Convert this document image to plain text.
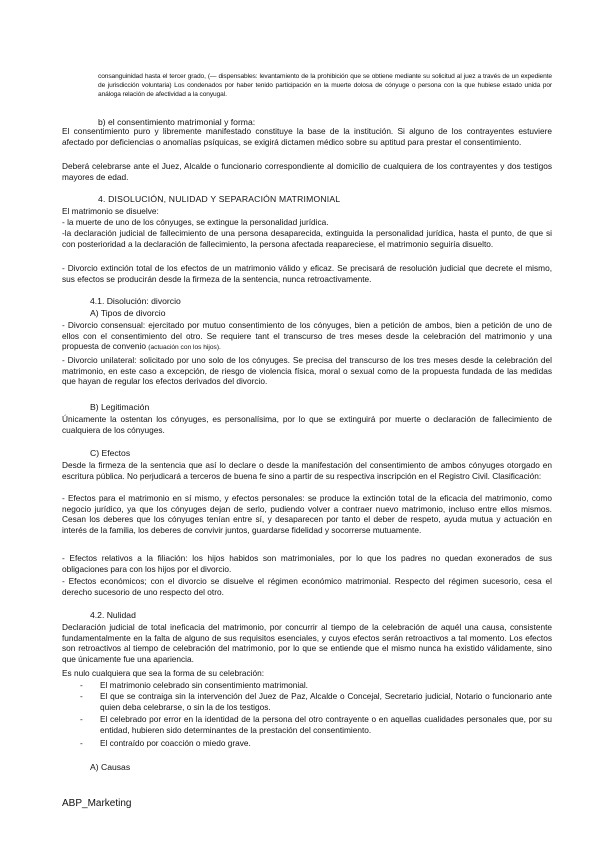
consanguinidad hasta el tercer grado, (— dispensables: levantamiento de la prohibición que se obtiene mediante su solicitud al juez a través de un expediente de jurisdicción voluntaria) Los condenados por haber tenido participación en la muerte dolosa de cónyuge o persona con la que hubiese estado unida por análoga relación de afectividad a la conyugal.

b) el consentimiento matrimonial y forma:

El consentimiento puro y libremente manifestado constituye la base de la institución. Si alguno de los contrayentes estuviere afectado por deficiencias o anomalías psíquicas, se exigirá dictamen médico sobre su aptitud para prestar el consentimiento.

Deberá celebrarse ante el Juez, Alcalde o funcionario correspondiente al domicilio de cualquiera de los contrayentes y dos testigos mayores de edad.

4. DISOLUCIÓN, NULIDAD Y SEPARACIÓN MATRIMONIAL

El matrimonio se disuelve:

- la muerte de uno de los cónyuges, se extingue la personalidad jurídica.

-la declaración judicial de fallecimiento de una persona desaparecida, extinguida la personalidad jurídica, hasta el punto, de que si con posterioridad a la declaración de fallecimiento, la persona afectada reapareciese, el matrimonio seguiría disuelto.

- Divorcio extinción total de los efectos de un matrimonio válido y eficaz. Se precisará de resolución judicial que decrete el mismo, sus efectos se producirán desde la firmeza de la sentencia, nunca retroactivamente.

4.1. Disolución: divorcio

A) Tipos de divorcio

- Divorcio consensual: ejercitado por mutuo consentimiento de los cónyuges, bien a petición de ambos, bien a petición de uno de ellos con el consentimiento del otro. Se requiere tant el transcurso de tres meses desde la celebración del matrimonio y una propuesta de convenio (actuación con los hijos).

- Divorcio unilateral: solicitado por uno solo de los cónyuges. Se precisa del transcurso de los tres meses desde la celebración del matrimonio, en este caso a excepción, de riesgo de violencia física, moral o sexual como de la propuesta fundada de las medidas que hayan de regular los efectos derivados del divorcio.

B) Legitimación

Únicamente la ostentan los cónyuges, es personalísima, por lo que se extinguirá por muerte o declaración de fallecimiento de cualquiera de los cónyuges.

C) Efectos

Desde la firmeza de la sentencia que así lo declare o desde la manifestación del consentimiento de ambos cónyuges otorgado en escritura pública. No perjudicará a terceros de buena fe sino a partir de su respectiva inscripción en el Registro Civil. Clasificación:

- Efectos para el matrimonio en sí mismo, y efectos personales: se produce la extinción total de la eficacia del matrimonio, como negocio jurídico, ya que los cónyuges dejan de serlo, pudiendo volver a contraer nuevo matrimonio, incluso entre ellos mismos. Cesan los deberes que los cónyuges tenían entre sí, y desaparecen por tanto el deber de respeto, ayuda mutua y actuación en interés de la familia, los deberes de convivir juntos, guardarse fidelidad y socorrerse mutuamente.

- Efectos relativos a la filiación: los hijos habidos son matrimoniales, por lo que los padres no quedan exonerados de sus obligaciones para con los hijos por el divorcio.

- Efectos económicos; con el divorcio se disuelve el régimen económico matrimonial. Respecto del régimen sucesorio, cesa el derecho sucesorio de uno respecto del otro.

4.2. Nulidad

Declaración judicial de total ineficacia del matrimonio, por concurrir al tiempo de la celebración de aquél una causa, consistente fundamentalmente en la falta de alguno de sus requisitos esenciales, y cuyos efectos serán retroactivos a tal momento. Los efectos son retroactivos al tiempo de celebración del matrimonio, por lo que se entiende que el mismo nunca ha existido válidamente, sino que únicamente fue una apariencia.

Es nulo cualquiera que sea la forma de su celebración:

-	El matrimonio celebrado sin consentimiento matrimonial.
-	El que se contraiga sin la intervención del Juez de Paz, Alcalde o Concejal, Secretario judicial, Notario o funcionario ante quien deba celebrarse, o sin la de los testigos.
-	El celebrado por error en la identidad de la persona del otro contrayente o en aquellas cualidades personales que, por su entidad, hubieren sido determinantes de la prestación del consentimiento.
-	El contraído por coacción o miedo grave.

A) Causas

ABP_Marketing
